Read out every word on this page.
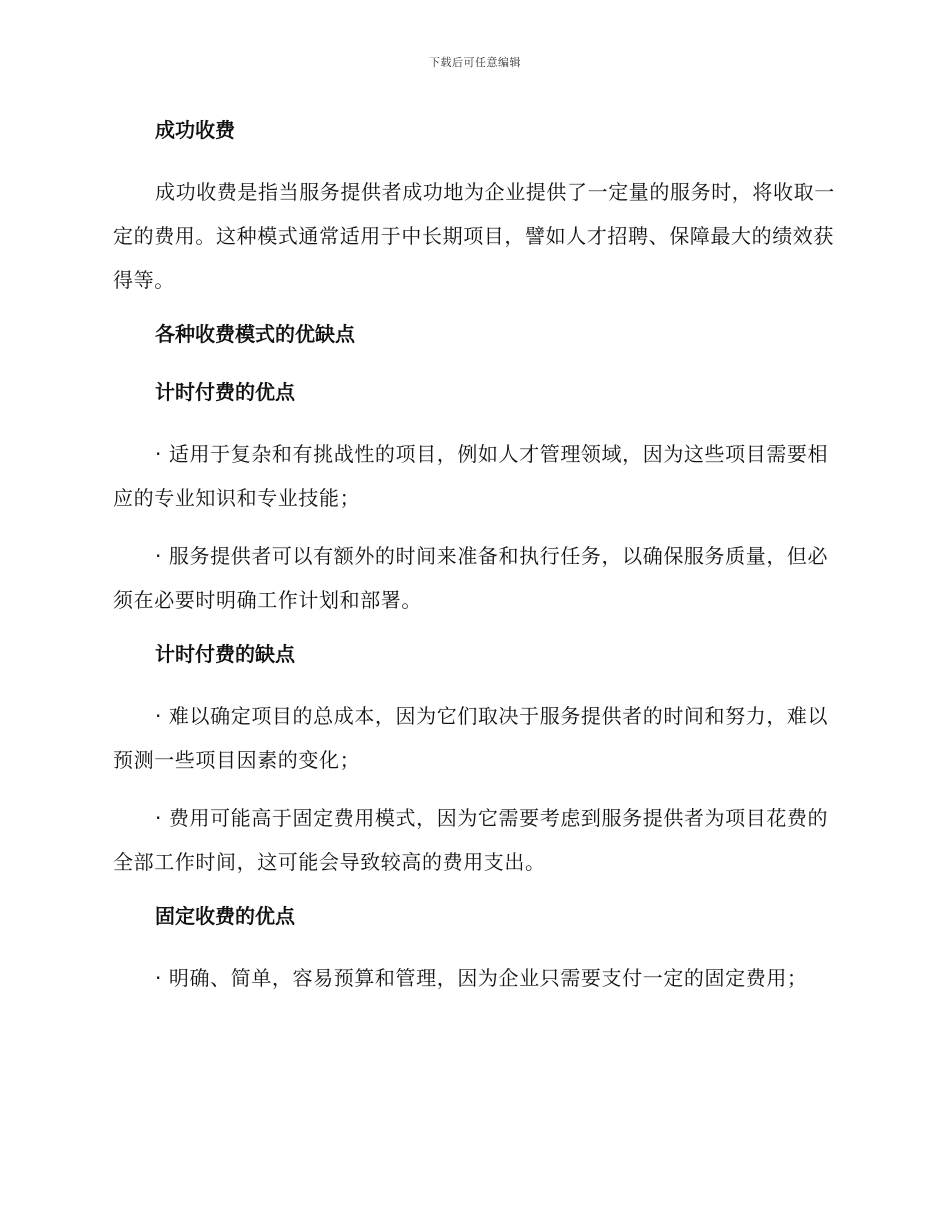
下载后可任意编辑
成功收费

成功收费是指当服务提供者成功地为企业提供了一定量的服务时，将收取一定的费用。这种模式通常适用于中长期项目，譬如人才招聘、保障最大的绩效获得等。

各种收费模式的优缺点
计时付费的优点

· 适用于复杂和有挑战性的项目，例如人才管理领域，因为这些项目需要相应的专业知识和专业技能；

· 服务提供者可以有额外的时间来准备和执行任务，以确保服务质量，但必须在必要时明确工作计划和部署。

计时付费的缺点

· 难以确定项目的总成本，因为它们取决于服务提供者的时间和努力，难以预测一些项目因素的变化；

· 费用可能高于固定费用模式，因为它需要考虑到服务提供者为项目花费的全部工作时间，这可能会导致较高的费用支出。

固定收费的优点

· 明确、简单，容易预算和管理，因为企业只需要支付一定的固定费用；
